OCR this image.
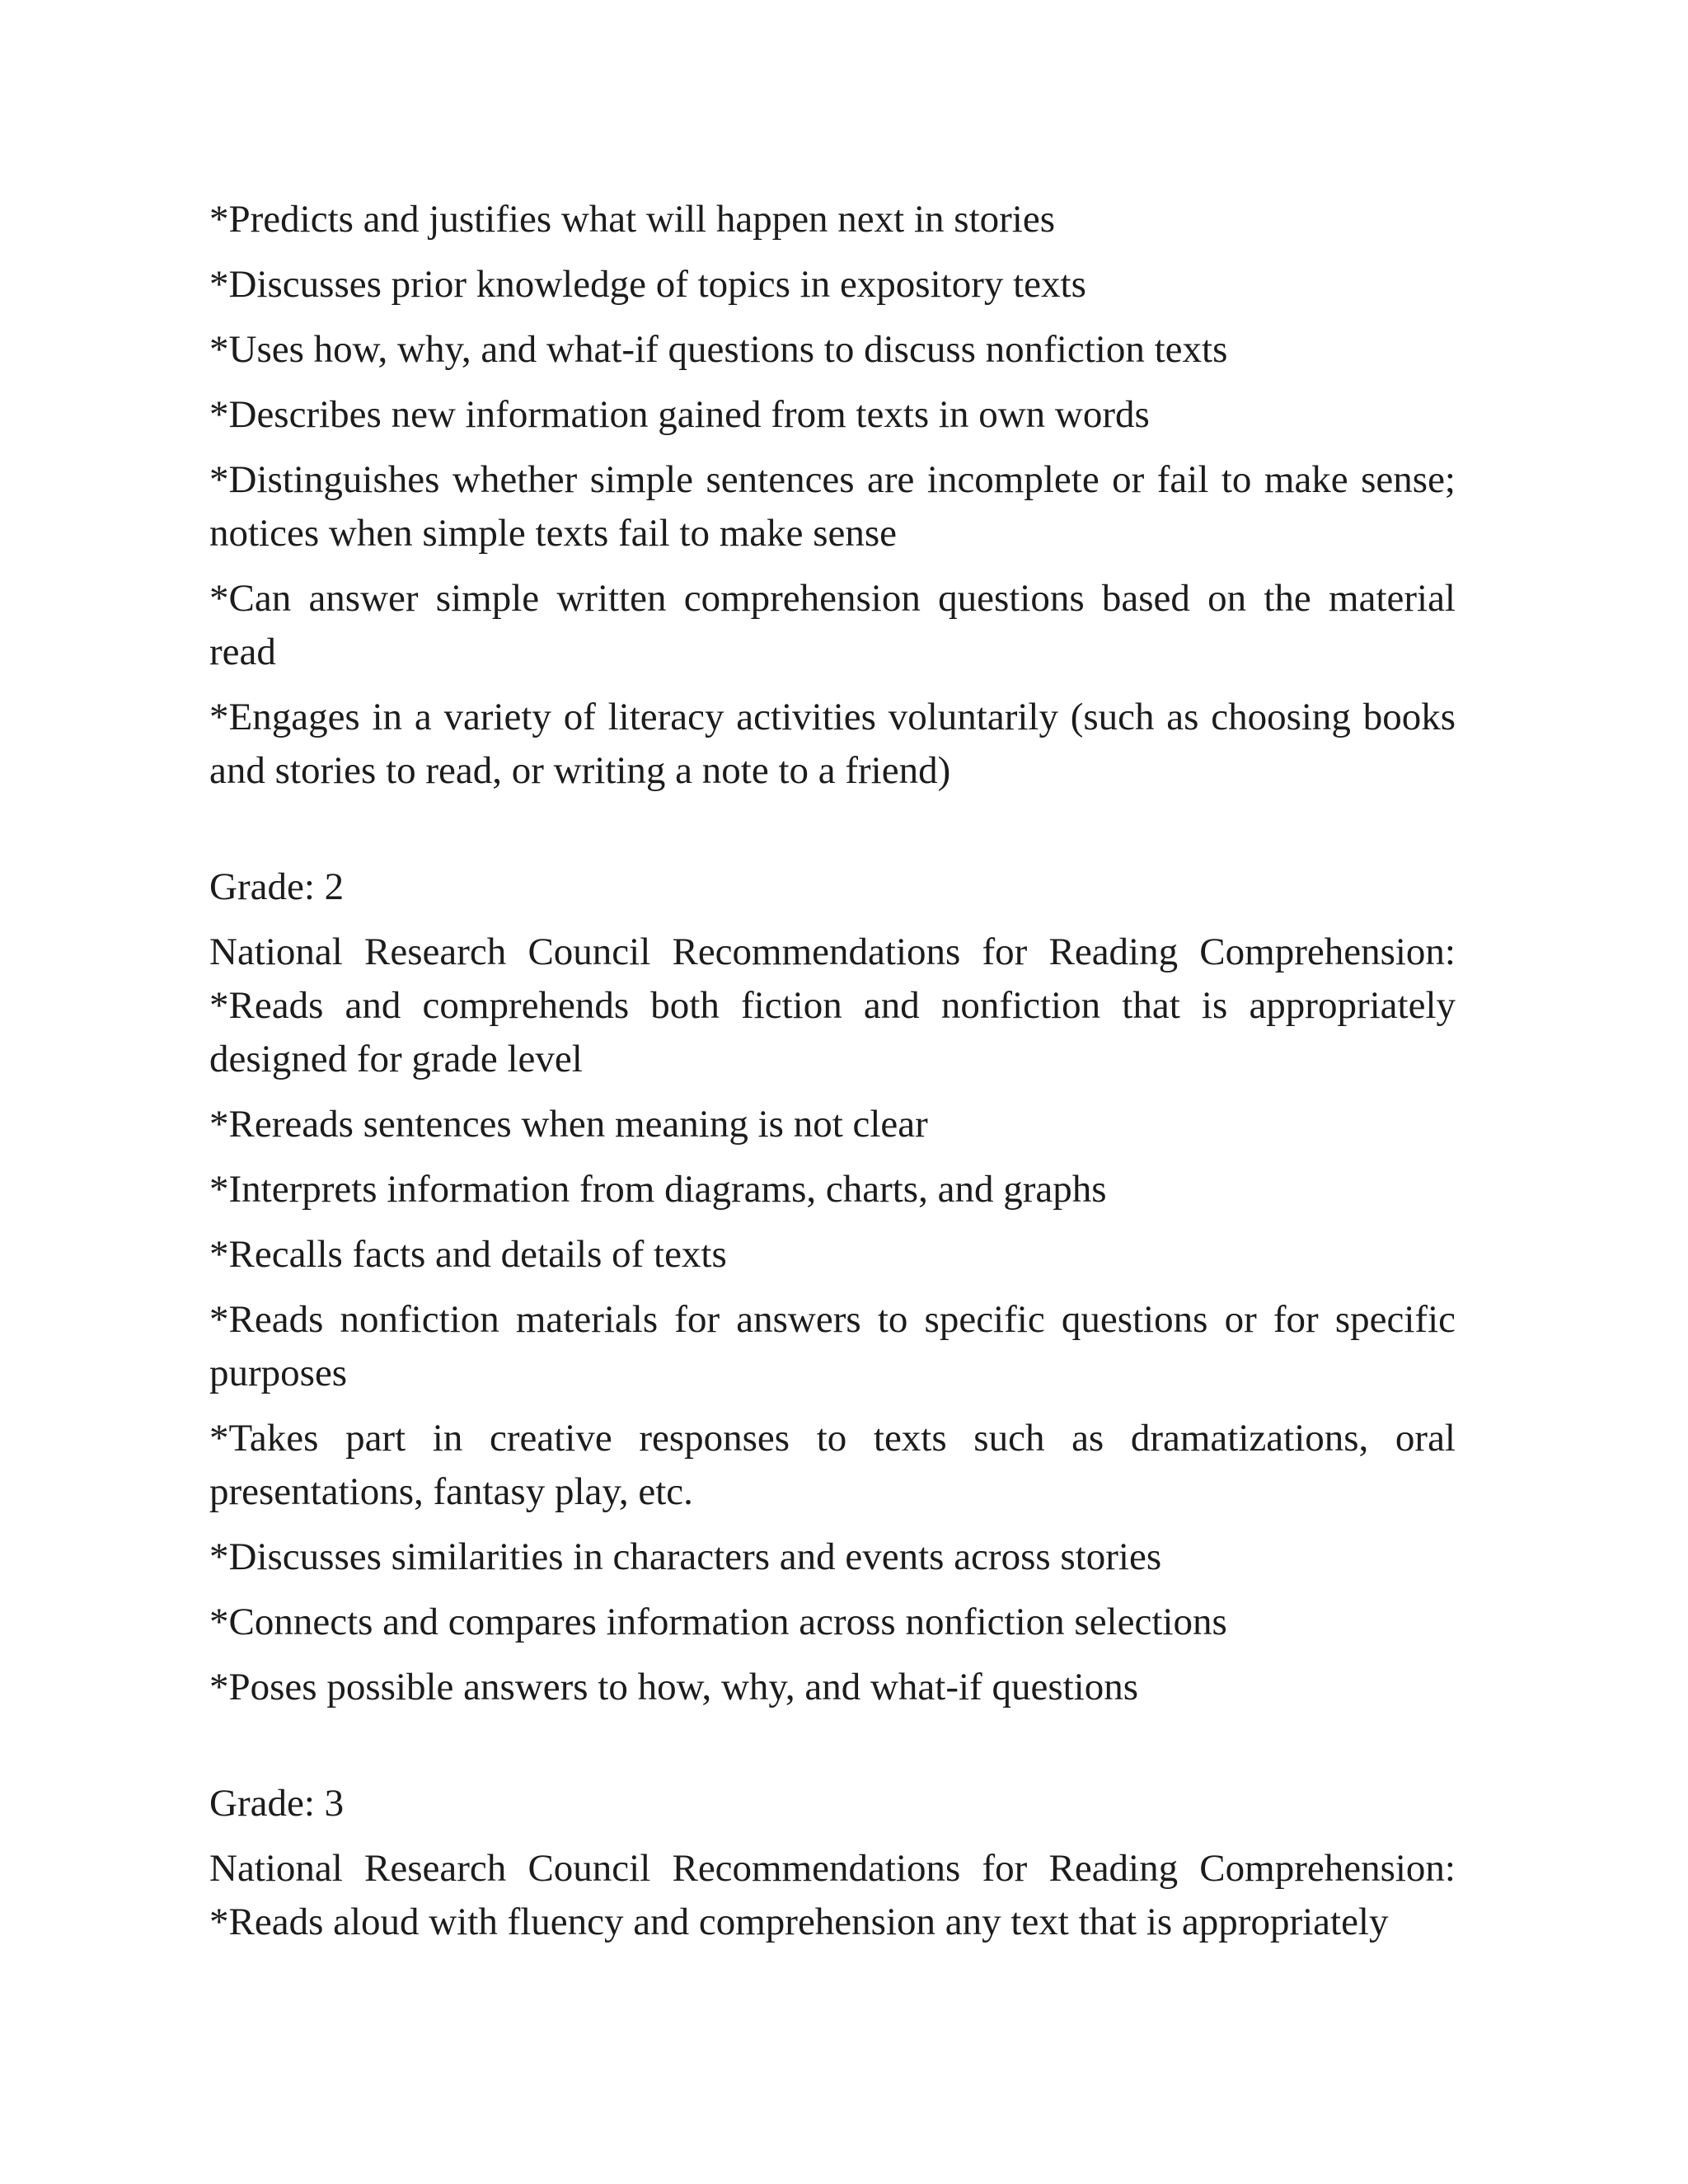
*Predicts and justifies what will happen next in stories

*Discusses prior knowledge of topics in expository texts

*Uses how, why, and what-if questions to discuss nonfiction texts

*Describes new information gained from texts in own words

*Distinguishes whether simple sentences are incomplete or fail to make sense; notices when simple texts fail to make sense

*Can answer simple written comprehension questions based on the material read

*Engages in a variety of literacy activities voluntarily (such as choosing books and stories to read, or writing a note to a friend)

Grade: 2

National Research Council Recommendations for Reading Comprehension:

*Reads and comprehends both fiction and nonfiction that is appropriately designed for grade level

*Rereads sentences when meaning is not clear

*Interprets information from diagrams, charts, and graphs

*Recalls facts and details of texts

*Reads nonfiction materials for answers to specific questions or for specific purposes

*Takes part in creative responses to texts such as dramatizations, oral presentations, fantasy play, etc.

*Discusses similarities in characters and events across stories

*Connects and compares information across nonfiction selections

*Poses possible answers to how, why, and what-if questions

Grade: 3

National Research Council Recommendations for Reading Comprehension:

*Reads aloud with fluency and comprehension any text that is appropriately
